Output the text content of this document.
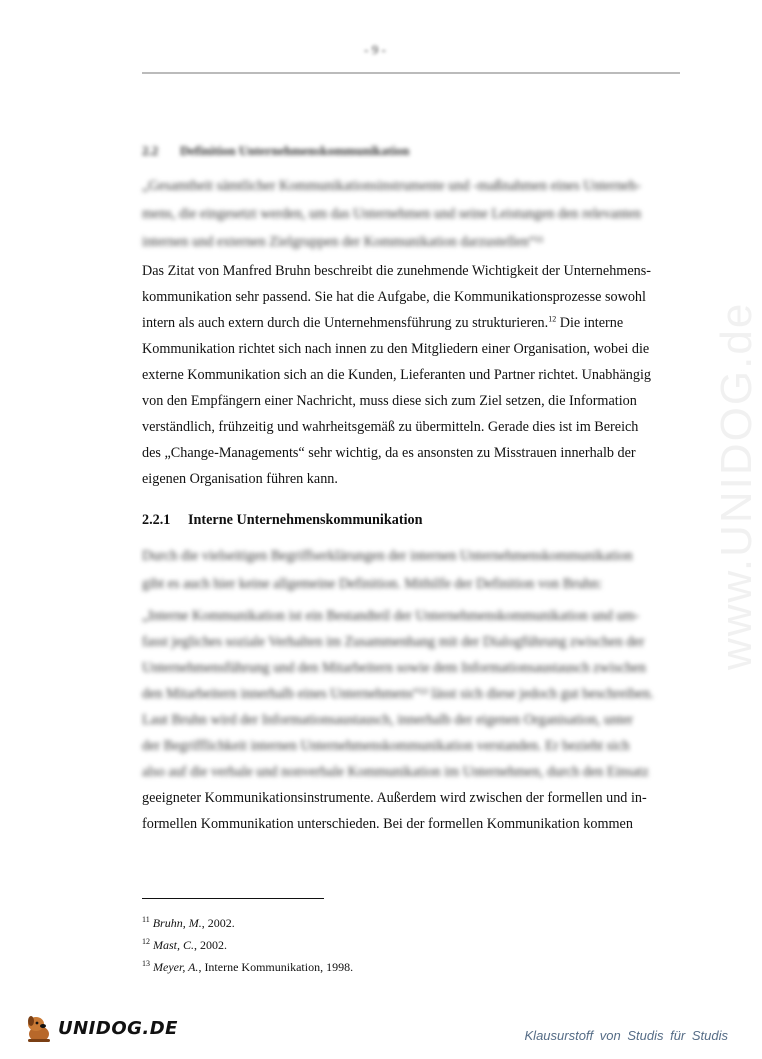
- 9 -
2.2 Definition Unternehmenskommunikation
„Gesamtheit sämtlicher Kommunikationsinstrumente und -maßnahmen eines Unterneh-
mens, die eingesetzt werden, um das Unternehmen und seine Leistungen den relevanten
internen und externen Zielgruppen der Kommunikation darzustellen“¹¹
Das Zitat von Manfred Bruhn beschreibt die zunehmende Wichtigkeit der Unternehmens-
kommunikation sehr passend. Sie hat die Aufgabe, die Kommunikationsprozesse sowohl
intern als auch extern durch die Unternehmensführung zu strukturieren.$^{12}$ Die interne
Kommunikation richtet sich nach innen zu den Mitgliedern einer Organisation, wobei die
externe Kommunikation sich an die Kunden, Lieferanten und Partner richtet. Unabhängig
von den Empfängern einer Nachricht, muss diese sich zum Ziel setzen, die Information
verständlich, frühzeitig und wahrheitsgemäß zu übermitteln. Gerade dies ist im Bereich
des „Change-Managements“ sehr wichtig, da es ansonsten zu Misstrauen innerhalb der
eigenen Organisation führen kann.
2.2.1 Interne Unternehmenskommunikation
Durch die vielseitigen Begriffserklärungen der internen Unternehmenskommunikation
gibt es auch hier keine allgemeine Definition. Mithilfe der Definition von Bruhn:
„Interne Kommunikation ist ein Bestandteil der Unternehmenskommunikation und um-
fasst jegliches soziale Verhalten im Zusammenhang mit der Dialogführung zwischen der
Unternehmensführung und den Mitarbeitern sowie dem Informationsaustausch zwischen
den Mitarbeitern innerhalb eines Unternehmens“¹³ lässt sich diese jedoch gut beschreiben.
Laut Bruhn wird der Informationsaustausch, innerhalb der eigenen Organisation, unter
der Begrifflichkeit internen Unternehmenskommunikation verstanden. Er bezieht sich
also auf die verbale und nonverbale Kommunikation im Unternehmen, durch den Einsatz
geeigneter Kommunikationsinstrumente. Außerdem wird zwischen der formellen und in-
formellen Kommunikation unterschieden. Bei der formellen Kommunikation kommen
$^{11}$ Bruhn, M., 2002.
$^{12}$ Mast, C., 2002.
$^{13}$ Meyer, A., Interne Kommunikation, 1998.
www.UNIDOG.de
UNIDOG.DE	Klausurstoff von Studis für Studis
